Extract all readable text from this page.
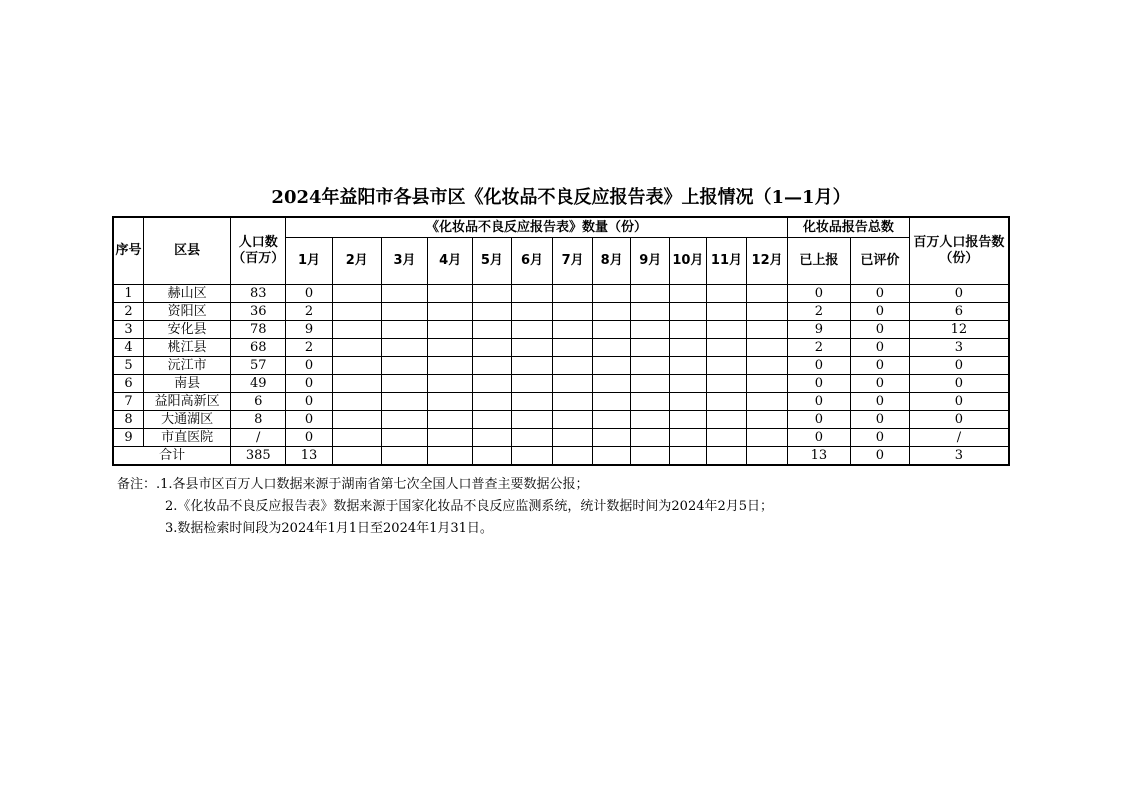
2024年益阳市各县市区《化妆品不良反应报告表》上报情况（1—1月）
序号	区县	人口数（百万）	《化妆品不良反应报告表》数量（份）												化妆品报告总数		百万人口报告数（份）
			1月	2月	3月	4月	5月	6月	7月	8月	9月	10月	11月	12月	已上报	已评价	
1	赫山区	83	0												0	0	0
2	资阳区	36	2												2	0	6
3	安化县	78	9												9	0	12
4	桃江县	68	2												2	0	3
5	沅江市	57	0												0	0	0
6	南县	49	0												0	0	0
7	益阳高新区	6	0												0	0	0
8	大通湖区	8	0												0	0	0
9	市直医院	/	0												0	0	/
合计		385	13												13	0	3
备注：.1.各县市区百万人口数据来源于湖南省第七次全国人口普查主要数据公报；
2.《化妆品不良反应报告表》数据来源于国家化妆品不良反应监测系统，统计数据时间为2024年2月5日；
3.数据检索时间段为2024年1月1日至2024年1月31日。
